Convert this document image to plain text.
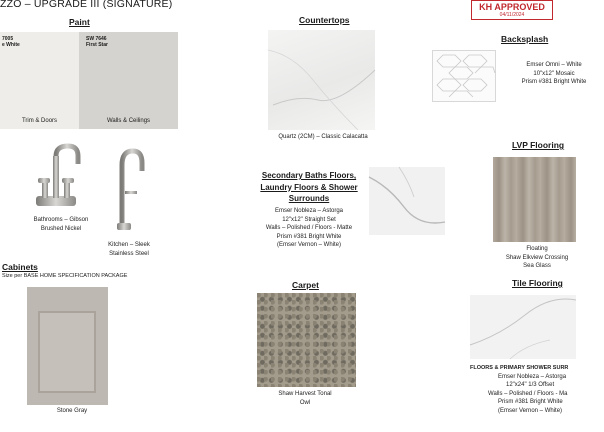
ZZO – UPGRADE III (SIGNATURE)	KH APPROVED
04/11/2024
Paint
7005
e White
Trim & Doors
SW 7646
First Star
Walls & Ceilings
Bathrooms – Gibson
Brushed Nickel
Kitchen – Sleek
Stainless Steel
Cabinets
Size per BASE HOME SPECIFICATION PACKAGE
Stone Gray
Countertops
Quartz (2CM) – Classic Calacatta
Backsplash
Emser Omni – White
10"x12" Mosaic
Prism #381 Bright White
Secondary Baths Floors,
Laundry Floors & Shower
Surrounds
Emser Nobleza – Astorga
12"x12" Straight Set
Walls – Polished / Floors - Matte
Prism #381 Bright White
(Emser Vernon – White)
LVP Flooring
Floating
Shaw Elkview Crossing
Sea Glass
Carpet
Shaw Harvest Tonal
Owl
Tile Flooring
FLOORS & PRIMARY SHOWER SURR
Emser Nobleza – Astorga
12"x24" 1/3 Offset
Walls – Polished / Floors - Ma
Prism #381 Bright White
(Emser Vernon – White)
